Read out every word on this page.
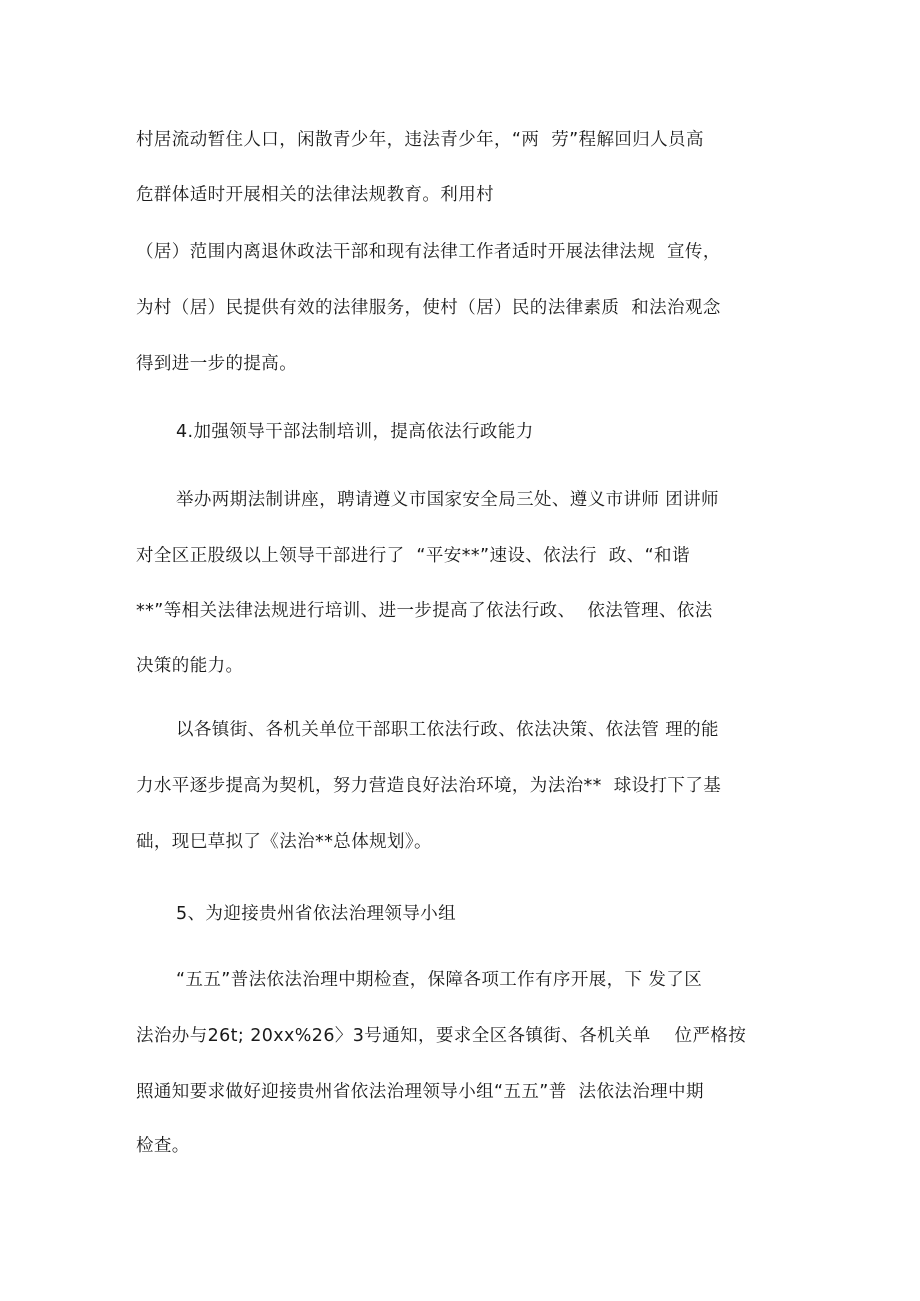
村居流动暂住人口，闲散青少年，违法青少年，“两  劳”程解回归人员高
危群体适时开展相关的法律法规教育。利用村
（居）范围内离退休政法干部和现有法律工作者适时开展法律法规  宣传，
为村（居）民提供有效的法律服务，使村（居）民的法律素质  和法治观念
得到进一步的提高。
4.加强领导干部法制培训，提高依法行政能力
举办两期法制讲座，聘请遵义市国家安全局三处、遵义市讲师 团讲师
对全区正股级以上领导干部进行了  “平安**”速设、依法行  政、“和谐
**”等相关法律法规进行培训、进一步提高了依法行政、  依法管理、依法
决策的能力。
以各镇街、各机关单位干部职工依法行政、依法决策、依法管 理的能
力水平逐步提高为契机，努力营造良好法治环境，为法治**  球设打下了基
础，现巳草拟了《法治**总体规划》。
5、为迎接贵州省依法治理领导小组
“五五”普法依法治理中期检查，保障各项工作有序开展，下 发了区
法治办与26t; 20xx%26〉3号通知，要求全区各镇街、各机关单    位严格按
照通知要求做好迎接贵州省依法治理领导小组“五五”普  法依法治理中期
检查。
